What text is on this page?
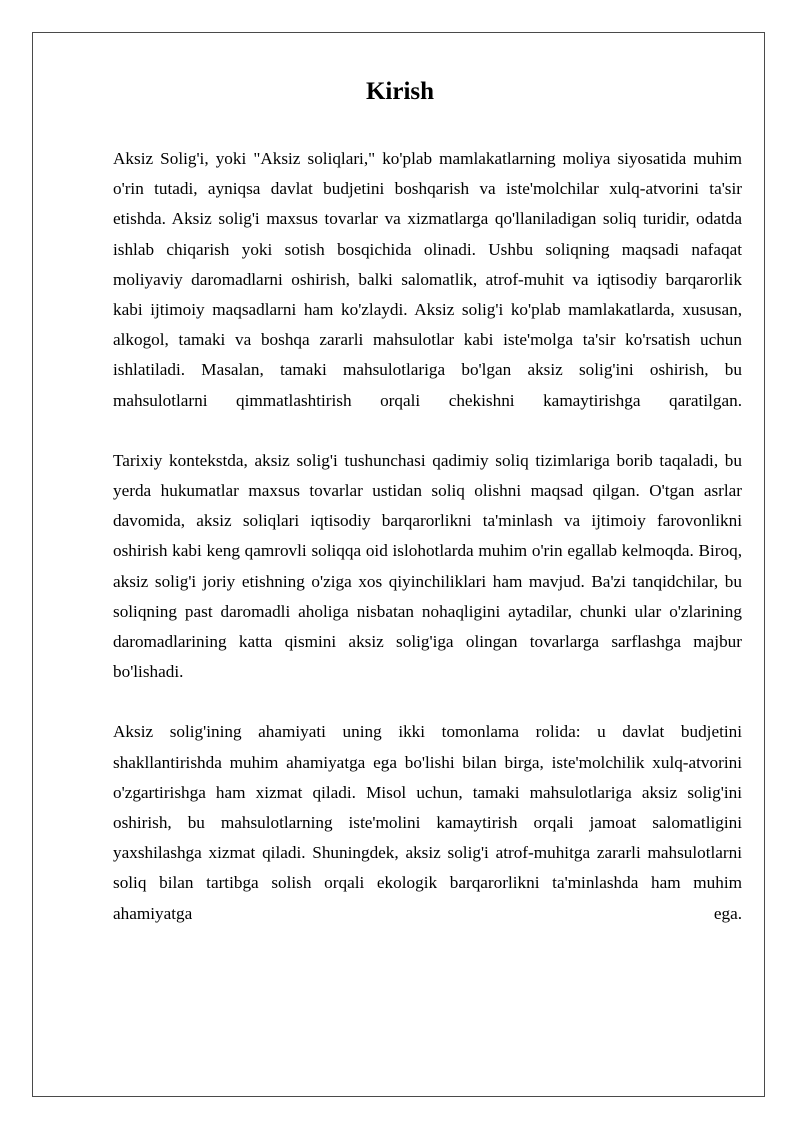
Kirish

Aksiz Solig'i, yoki "Aksiz soliqlari," ko'plab mamlakatlarning moliya siyosatida muhim o'rin tutadi, ayniqsa davlat budjetini boshqarish va iste'molchilar xulq-atvorini ta'sir etishda. Aksiz solig'i maxsus tovarlar va xizmatlarga qo'llaniladigan soliq turidir, odatda ishlab chiqarish yoki sotish bosqichida olinadi. Ushbu soliqning maqsadi nafaqat moliyaviy daromadlarni oshirish, balki salomatlik, atrof-muhit va iqtisodiy barqarorlik kabi ijtimoiy maqsadlarni ham ko'zlaydi. Aksiz solig'i ko'plab mamlakatlarda, xususan, alkogol, tamaki va boshqa zararli mahsulotlar kabi iste'molga ta'sir ko'rsatish uchun ishlatiladi. Masalan, tamaki mahsulotlariga bo'lgan aksiz solig'ini oshirish, bu mahsulotlarni qimmatlashtirish orqali chekishni kamaytirishga qaratilgan.

Tarixiy kontekstda, aksiz solig'i tushunchasi qadimiy soliq tizimlariga borib taqaladi, bu yerda hukumatlar maxsus tovarlar ustidan soliq olishni maqsad qilgan. O'tgan asrlar davomida, aksiz soliqlari iqtisodiy barqarorlikni ta'minlash va ijtimoiy farovonlikni oshirish kabi keng qamrovli soliqqa oid islohotlarda muhim o'rin egallab kelmoqda. Biroq, aksiz solig'i joriy etishning o'ziga xos qiyinchiliklari ham mavjud. Ba'zi tanqidchilar, bu soliqning past daromadli aholiga nisbatan nohaqligini aytadilar, chunki ular o'zlarining daromadlarining katta qismini aksiz solig'iga olingan tovarlarga sarflashga majbur bo'lishadi.

Aksiz solig'ining ahamiyati uning ikki tomonlama rolida: u davlat budjetini shakllantirishda muhim ahamiyatga ega bo'lishi bilan birga, iste'molchilik xulq-atvorini o'zgartirishga ham xizmat qiladi. Misol uchun, tamaki mahsulotlariga aksiz solig'ini oshirish, bu mahsulotlarning iste'molini kamaytirish orqali jamoat salomatligini yaxshilashga xizmat qiladi. Shuningdek, aksiz solig'i atrof-muhitga zararli mahsulotlarni soliq bilan tartibga solish orqali ekologik barqarorlikni ta'minlashda ham muhim ahamiyatga ega.
